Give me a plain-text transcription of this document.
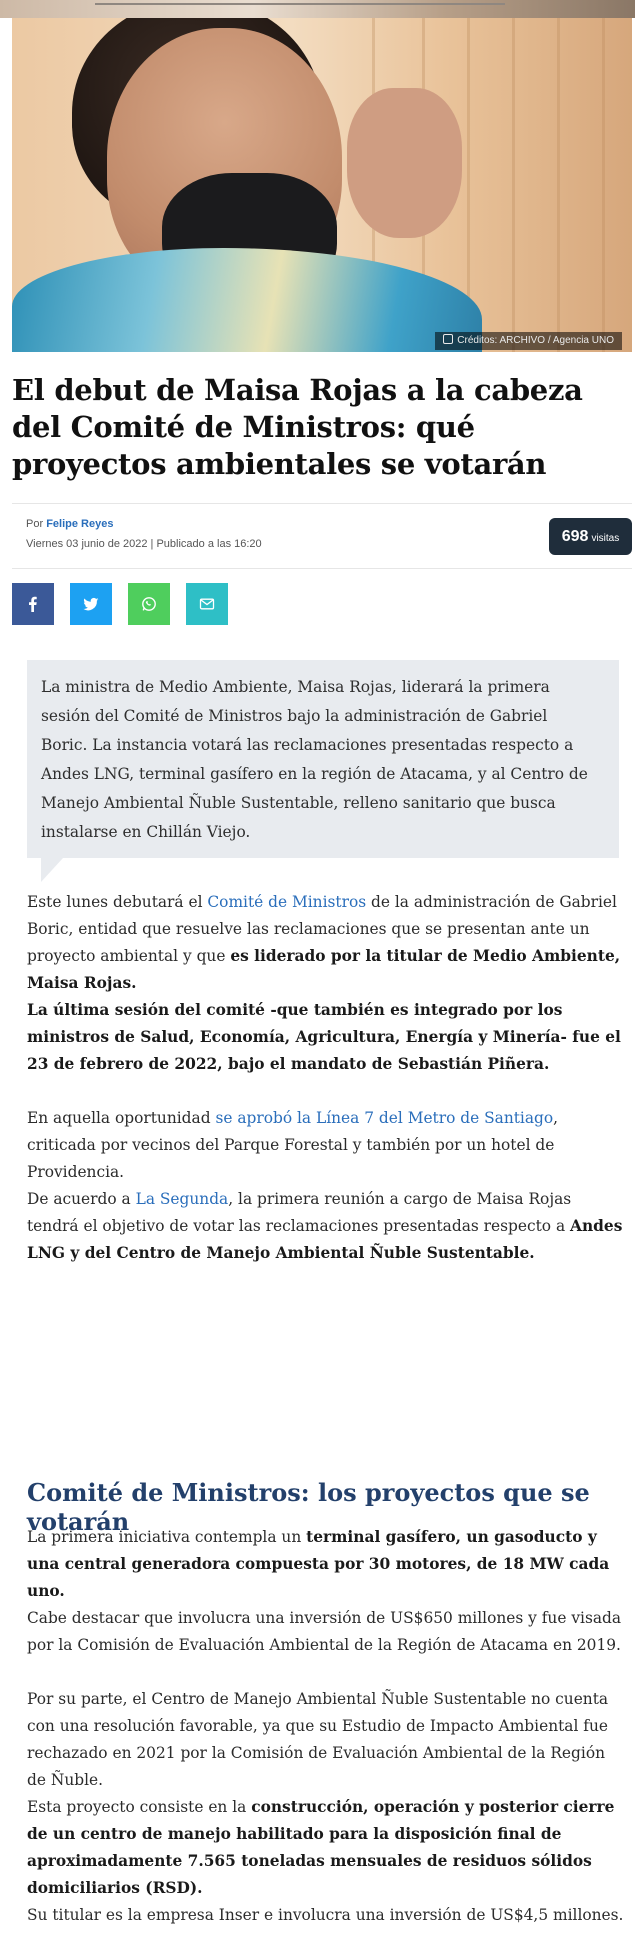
Créditos: ARCHIVO / Agencia UNO
El debut de Maisa Rojas a la cabeza del Comité de Ministros: qué proyectos ambientales se votarán
Por Felipe Reyes
Viernes 03 junio de 2022 | Publicado a las 16:20	698 visitas

La ministra de Medio Ambiente, Maisa Rojas, liderará la primera sesión del Comité de Ministros bajo la administración de Gabriel Boric. La instancia votará las reclamaciones presentadas respecto a Andes LNG, terminal gasífero en la región de Atacama, y al Centro de Manejo Ambiental Ñuble Sustentable, relleno sanitario que busca instalarse en Chillán Viejo.

Este lunes debutará el Comité de Ministros de la administración de Gabriel Boric, entidad que resuelve las reclamaciones que se presentan ante un proyecto ambiental y que es liderado por la titular de Medio Ambiente, Maisa Rojas.

La última sesión del comité -que también es integrado por los ministros de Salud, Economía, Agricultura, Energía y Minería- fue el 23 de febrero de 2022, bajo el mandato de Sebastián Piñera.

En aquella oportunidad se aprobó la Línea 7 del Metro de Santiago, criticada por vecinos del Parque Forestal y también por un hotel de Providencia.

De acuerdo a La Segunda, la primera reunión a cargo de Maisa Rojas tendrá el objetivo de votar las reclamaciones presentadas respecto a Andes LNG y del Centro de Manejo Ambiental Ñuble Sustentable.

Comité de Ministros: los proyectos que se votarán

La primera iniciativa contempla un terminal gasífero, un gasoducto y una central generadora compuesta por 30 motores, de 18 MW cada uno.

Cabe destacar que involucra una inversión de US$650 millones y fue visada por la Comisión de Evaluación Ambiental de la Región de Atacama en 2019.

Por su parte, el Centro de Manejo Ambiental Ñuble Sustentable no cuenta con una resolución favorable, ya que su Estudio de Impacto Ambiental fue rechazado en 2021 por la Comisión de Evaluación Ambiental de la Región de Ñuble.

Esta proyecto consiste en la construcción, operación y posterior cierre de un centro de manejo habilitado para la disposición final de aproximadamente 7.565 toneladas mensuales de residuos sólidos domiciliarios (RSD).

Su titular es la empresa Inser e involucra una inversión de US$4,5 millones.
